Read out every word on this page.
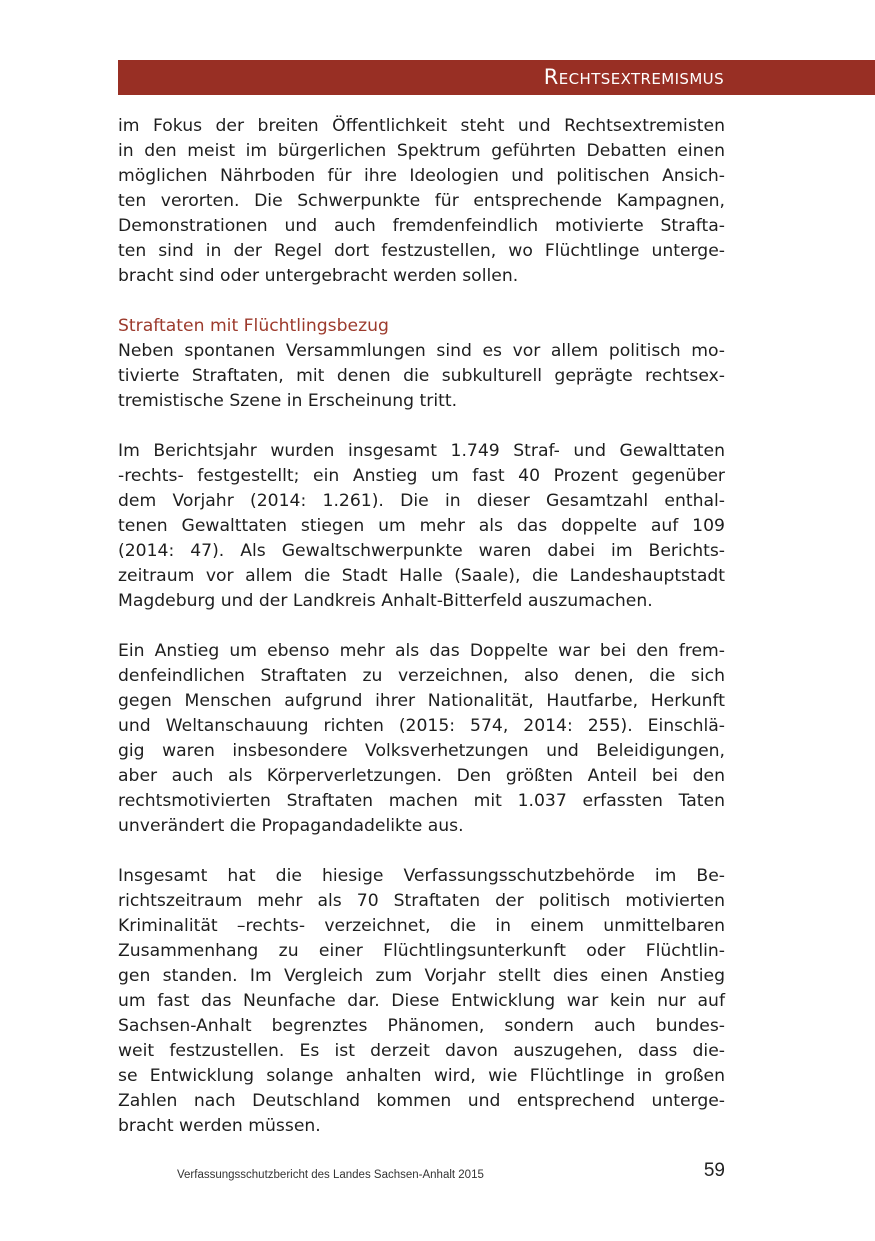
Rechtsextremismus
im Fokus der breiten Öffentlichkeit steht und Rechtsextremisten
in den meist im bürgerlichen Spektrum geführten Debatten einen
möglichen Nährboden für ihre Ideologien und politischen Ansich-
ten verorten. Die Schwerpunkte für entsprechende Kampagnen,
Demonstrationen und auch fremdenfeindlich motivierte Strafta-
ten sind in der Regel dort festzustellen, wo Flüchtlinge unterge-
bracht sind oder untergebracht werden sollen.
Straftaten mit Flüchtlingsbezug
Neben spontanen Versammlungen sind es vor allem politisch mo-
tivierte Straftaten, mit denen die subkulturell geprägte rechtsex-
tremistische Szene in Erscheinung tritt.
Im Berichtsjahr wurden insgesamt 1.749 Straf- und Gewalttaten
-rechts- festgestellt; ein Anstieg um fast 40 Prozent gegenüber
dem Vorjahr (2014: 1.261). Die in dieser Gesamtzahl enthal-
tenen Gewalttaten stiegen um mehr als das doppelte auf 109
(2014: 47). Als Gewaltschwerpunkte waren dabei im Berichts-
zeitraum vor allem die Stadt Halle (Saale), die Landeshauptstadt
Magdeburg und der Landkreis Anhalt-Bitterfeld auszumachen.
Ein Anstieg um ebenso mehr als das Doppelte war bei den frem-
denfeindlichen Straftaten zu verzeichnen, also denen, die sich
gegen Menschen aufgrund ihrer Nationalität, Hautfarbe, Herkunft
und Weltanschauung richten (2015: 574, 2014: 255). Einschlä-
gig waren insbesondere Volksverhetzungen und Beleidigungen,
aber auch als Körperverletzungen. Den größten Anteil bei den
rechtsmotivierten Straftaten machen mit 1.037 erfassten Taten
unverändert die Propagandadelikte aus.
Insgesamt hat die hiesige Verfassungsschutzbehörde im Be-
richtszeitraum mehr als 70 Straftaten der politisch motivierten
Kriminalität –rechts- verzeichnet, die in einem unmittelbaren
Zusammenhang zu einer Flüchtlingsunterkunft oder Flüchtlin-
gen standen. Im Vergleich zum Vorjahr stellt dies einen Anstieg
um fast das Neunfache dar. Diese Entwicklung war kein nur auf
Sachsen-Anhalt begrenztes Phänomen, sondern auch bundes-
weit festzustellen. Es ist derzeit davon auszugehen, dass die-
se Entwicklung solange anhalten wird, wie Flüchtlinge in großen
Zahlen nach Deutschland kommen und entsprechend unterge-
bracht werden müssen.
Verfassungsschutzbericht des Landes Sachsen-Anhalt 2015	59
